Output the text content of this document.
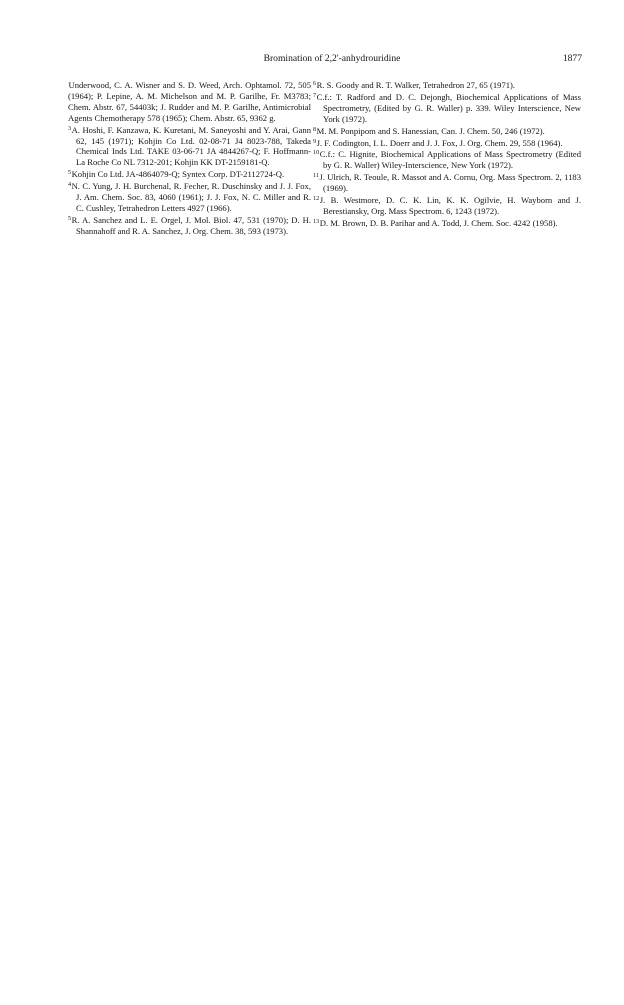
Bromination of 2,2'-anhydrouridine	1877

Underwood, C. A. Wisner and S. D. Weed, Arch. Ophtamol. 72, 505 (1964); P. Lepine, A. M. Michelson and M. P. Garilhe, Fr. M3783; Chem. Abstr. 67, 54403k; J. Rudder and M. P. Garilhe, Antimicrobial Agents Chemotherapy 578 (1965); Chem. Abstr. 65, 9362 g.

$^3$A. Hoshi, F. Kanzawa, K. Kuretani, M. Saneyoshi and Y. Arai, Gann 62, 145 (1971); Kohjin Co Ltd. 02-08-71 J4 8023-788, Takeda Chemical Inds Ltd. TAKE 03-06-71 JA 4844267-Q; F. Hoffmann-La Roche Co NL 7312-201; Kohjin KK DT-2159181-Q.

$^5$Kohjin Co Ltd. JA-4864079-Q; Syntex Corp. DT-2112724-Q.

$^4$N. C. Yung, J. H. Burchenal, R. Fecher, R. Duschinsky and J. J. Fox, J. Am. Chem. Soc. 83, 4060 (1961); J. J. Fox, N. C. Miller and R. C. Cushley, Tetrahedron Letters 4927 (1966).

$^5$R. A. Sanchez and L. E. Orgel, J. Mol. Biol. 47, 531 (1970); D. H. Shannahoff and R. A. Sanchez, J. Org. Chem. 38, 593 (1973).

$^6$R. S. Goody and R. T. Walker, Tetrahedron 27, 65 (1971).

$^7$C.f.: T. Radford and D. C. Dejongh, Biochemical Applications of Mass Spectrometry, (Edited by G. R. Waller) p. 339. Wiley Interscience, New York (1972).

$^8$M. M. Ponpipom and S. Hanessian, Can. J. Chem. 50, 246 (1972).

$^9$J. F. Codington, I. L. Doerr and J. J. Fox, J. Org. Chem. 29, 558 (1964).

$^{10}$C.f.: C. Hignite, Biochemical Applications of Mass Spectrometry (Edited by G. R. Waller) Wiley-Interscience, New York (1972).

$^{11}$J. Ulrich, R. Teoule, R. Massot and A. Cornu, Org. Mass Spectrom. 2, 1183 (1969).

$^{12}$J. B. Westmore, D. C. K. Lin, K. K. Ogilvie, H. Wayborn and J. Berestiansky, Org. Mass Spectrom. 6, 1243 (1972).

$^{13}$D. M. Brown, D. B. Parihar and A. Todd, J. Chem. Soc. 4242 (1958).
